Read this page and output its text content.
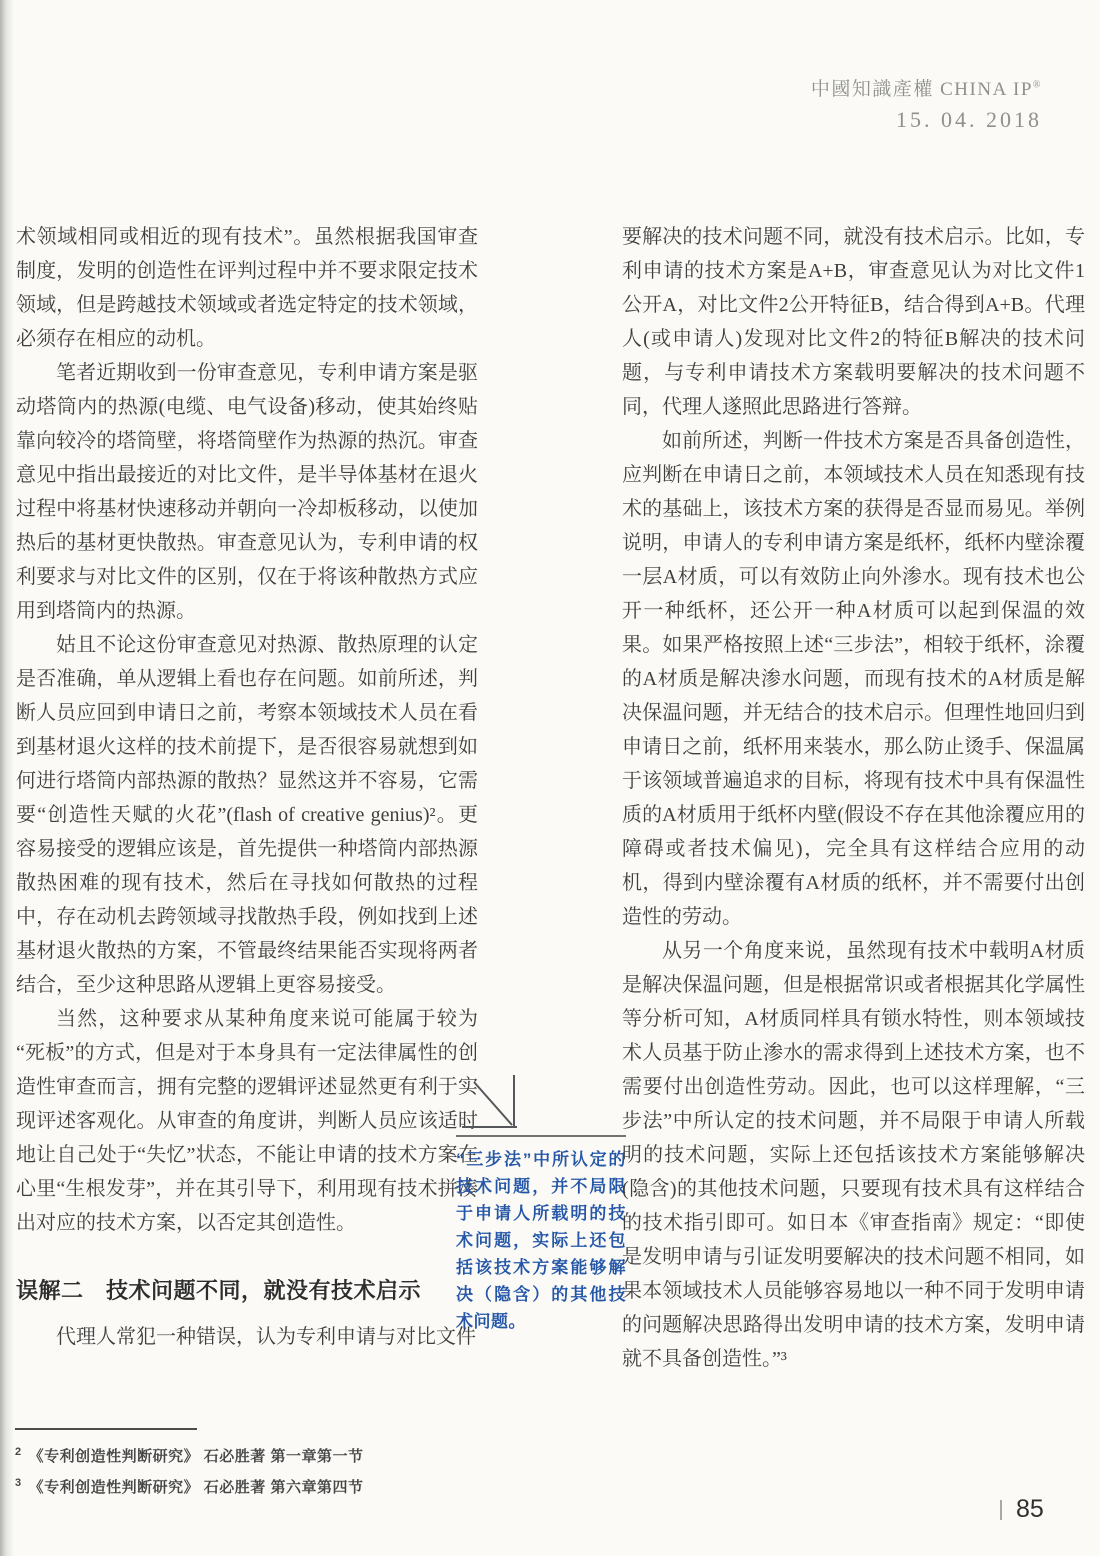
中國知識產權 CHINA IP®
15. 04. 2018

术领域相同或相近的现有技术”。虽然根据我国审查制度，发明的创造性在评判过程中并不要求限定技术领域，但是跨越技术领域或者选定特定的技术领域，必须存在相应的动机。

笔者近期收到一份审查意见，专利申请方案是驱动塔筒内的热源(电缆、电气设备)移动，使其始终贴靠向较冷的塔筒壁，将塔筒壁作为热源的热沉。审查意见中指出最接近的对比文件，是半导体基材在退火过程中将基材快速移动并朝向一冷却板移动，以使加热后的基材更快散热。审查意见认为，专利申请的权利要求与对比文件的区别，仅在于将该种散热方式应用到塔筒内的热源。

姑且不论这份审查意见对热源、散热原理的认定是否准确，单从逻辑上看也存在问题。如前所述，判断人员应回到申请日之前，考察本领域技术人员在看到基材退火这样的技术前提下，是否很容易就想到如何进行塔筒内部热源的散热？显然这并不容易，它需要“创造性天赋的火花”(flash of creative genius)²。更容易接受的逻辑应该是，首先提供一种塔筒内部热源散热困难的现有技术，然后在寻找如何散热的过程中，存在动机去跨领域寻找散热手段，例如找到上述基材退火散热的方案，不管最终结果能否实现将两者结合，至少这种思路从逻辑上更容易接受。

当然，这种要求从某种角度来说可能属于较为“死板”的方式，但是对于本身具有一定法律属性的创造性审查而言，拥有完整的逻辑评述显然更有利于实现评述客观化。从审查的角度讲，判断人员应该适时地让自己处于“失忆”状态，不能让申请的技术方案在心里“生根发芽”，并在其引导下，利用现有技术拼凑出对应的技术方案，以否定其创造性。

误解二　技术问题不同，就没有技术启示

代理人常犯一种错误，认为专利申请与对比文件

“三步法”中所认定的技术问题，并不局限于申请人所载明的技术问题，实际上还包括该技术方案能够解决（隐含）的其他技术问题。

要解决的技术问题不同，就没有技术启示。比如，专利申请的技术方案是A+B，审查意见认为对比文件1公开A，对比文件2公开特征B，结合得到A+B。代理人(或申请人)发现对比文件2的特征B解决的技术问题，与专利申请技术方案载明要解决的技术问题不同，代理人遂照此思路进行答辩。

如前所述，判断一件技术方案是否具备创造性，应判断在申请日之前，本领域技术人员在知悉现有技术的基础上，该技术方案的获得是否显而易见。举例说明，申请人的专利申请方案是纸杯，纸杯内壁涂覆一层A材质，可以有效防止向外渗水。现有技术也公开一种纸杯，还公开一种A材质可以起到保温的效果。如果严格按照上述“三步法”，相较于纸杯，涂覆的A材质是解决渗水问题，而现有技术的A材质是解决保温问题，并无结合的技术启示。但理性地回归到申请日之前，纸杯用来装水，那么防止烫手、保温属于该领域普遍追求的目标，将现有技术中具有保温性质的A材质用于纸杯内壁(假设不存在其他涂覆应用的障碍或者技术偏见)，完全具有这样结合应用的动机，得到内壁涂覆有A材质的纸杯，并不需要付出创造性的劳动。

从另一个角度来说，虽然现有技术中载明A材质是解决保温问题，但是根据常识或者根据其化学属性等分析可知，A材质同样具有锁水特性，则本领域技术人员基于防止渗水的需求得到上述技术方案，也不需要付出创造性劳动。因此，也可以这样理解，“三步法”中所认定的技术问题，并不局限于申请人所载明的技术问题，实际上还包括该技术方案能够解决(隐含)的其他技术问题，只要现有技术具有这样结合的技术指引即可。如日本《审查指南》规定：“即使是发明申请与引证发明要解决的技术问题不相同，如果本领域技术人员能够容易地以一种不同于发明申请的问题解决思路得出发明申请的技术方案，发明申请就不具备创造性。”³

$^2$ 《专利创造性判断研究》 石必胜著 第一章第一节
$^3$ 《专利创造性判断研究》 石必胜著 第六章第四节
85
